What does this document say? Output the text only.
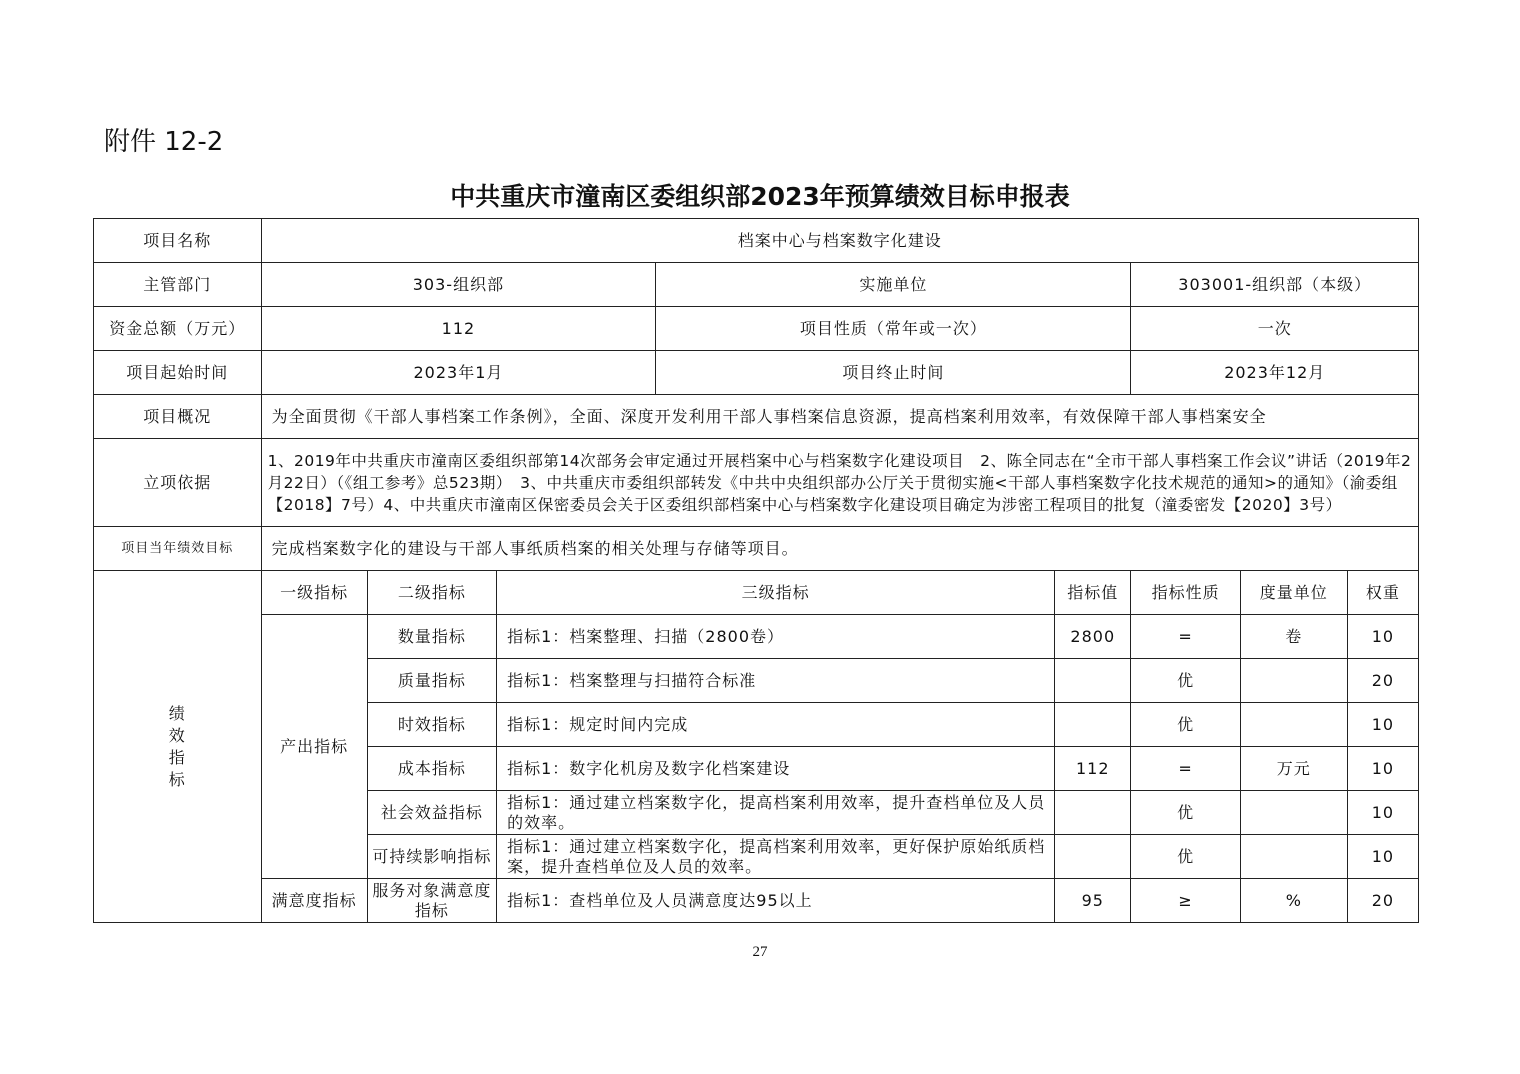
附件 12-2
中共重庆市潼南区委组织部2023年预算绩效目标申报表
项目名称	档案中心与档案数字化建设							
主管部门	303-组织部			实施单位		303001-组织部（本级）		
资金总额（万元）	112			项目性质（常年或一次）		一次		
项目起始时间	2023年1月			项目终止时间		2023年12月		
项目概况	为全面贯彻《干部人事档案工作条例》，全面、深度开发利用干部人事档案信息资源，提高档案利用效率，有效保障干部人事档案安全							
立项依据	1、2019年中共重庆市潼南区委组织部第14次部务会审定通过开展档案中心与档案数字化建设项目　2、陈全同志在“全市干部人事档案工作会议”讲话（2019年2月22日）（《组工参考》总523期）　3、中共重庆市委组织部转发《中共中央组织部办公厅关于贯彻实施<干部人事档案数字化技术规范的通知>的通知》（渝委组【2018】7号）4、中共重庆市潼南区保密委员会关于区委组织部档案中心与档案数字化建设项目确定为涉密工程项目的批复（潼委密发【2020】3号）							
项目当年绩效目标	完成档案数字化的建设与干部人事纸质档案的相关处理与存储等项目。							
绩
效
指
标	一级指标	二级指标	三级指标		指标值	指标性质	度量单位	权重
	产出指标	数量指标	指标1：档案整理、扫描（2800卷）		2800	=	卷	10
		质量指标	指标1：档案整理与扫描符合标准			优		20
		时效指标	指标1：规定时间内完成			优		10
		成本指标	指标1：数字化机房及数字化档案建设		112	=	万元	10
		社会效益指标	指标1：通过建立档案数字化，提高档案利用效率，提升查档单位及人员的效率。			优		10
		可持续影响指标	指标1：通过建立档案数字化，提高档案利用效率，更好保护原始纸质档案，提升查档单位及人员的效率。			优		10
	满意度指标	服务对象满意度指标	指标1：查档单位及人员满意度达95以上		95	≥	%	20
27
